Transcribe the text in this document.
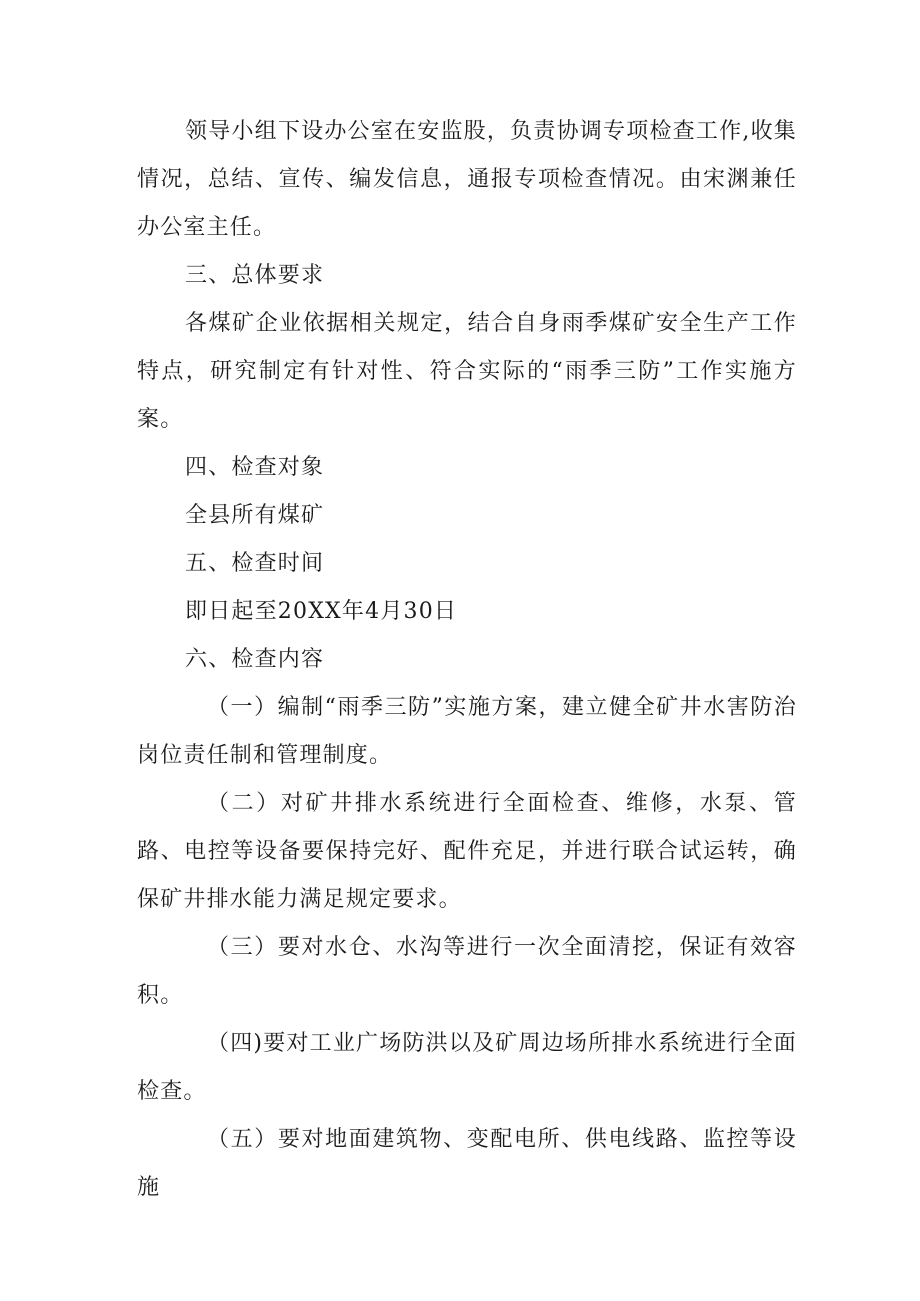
领导小组下设办公室在安监股，负责协调专项检查工作,收集情况，总结、宣传、编发信息，通报专项检查情况。由宋渊兼任办公室主任。

三、总体要求

各煤矿企业依据相关规定，结合自身雨季煤矿安全生产工作特点，研究制定有针对性、符合实际的“雨季三防”工作实施方案。

四、检查对象

全县所有煤矿

五、检查时间

即日起至20XX年4月30日

六、检查内容

（一）编制“雨季三防”实施方案，建立健全矿井水害防治岗位责任制和管理制度。

（二）对矿井排水系统进行全面检查、维修，水泵、管路、电控等设备要保持完好、配件充足，并进行联合试运转，确保矿井排水能力满足规定要求。

（三）要对水仓、水沟等进行一次全面清挖，保证有效容积。

（四)要对工业广场防洪以及矿周边场所排水系统进行全面检查。

（五）要对地面建筑物、变配电所、供电线路、监控等设施
